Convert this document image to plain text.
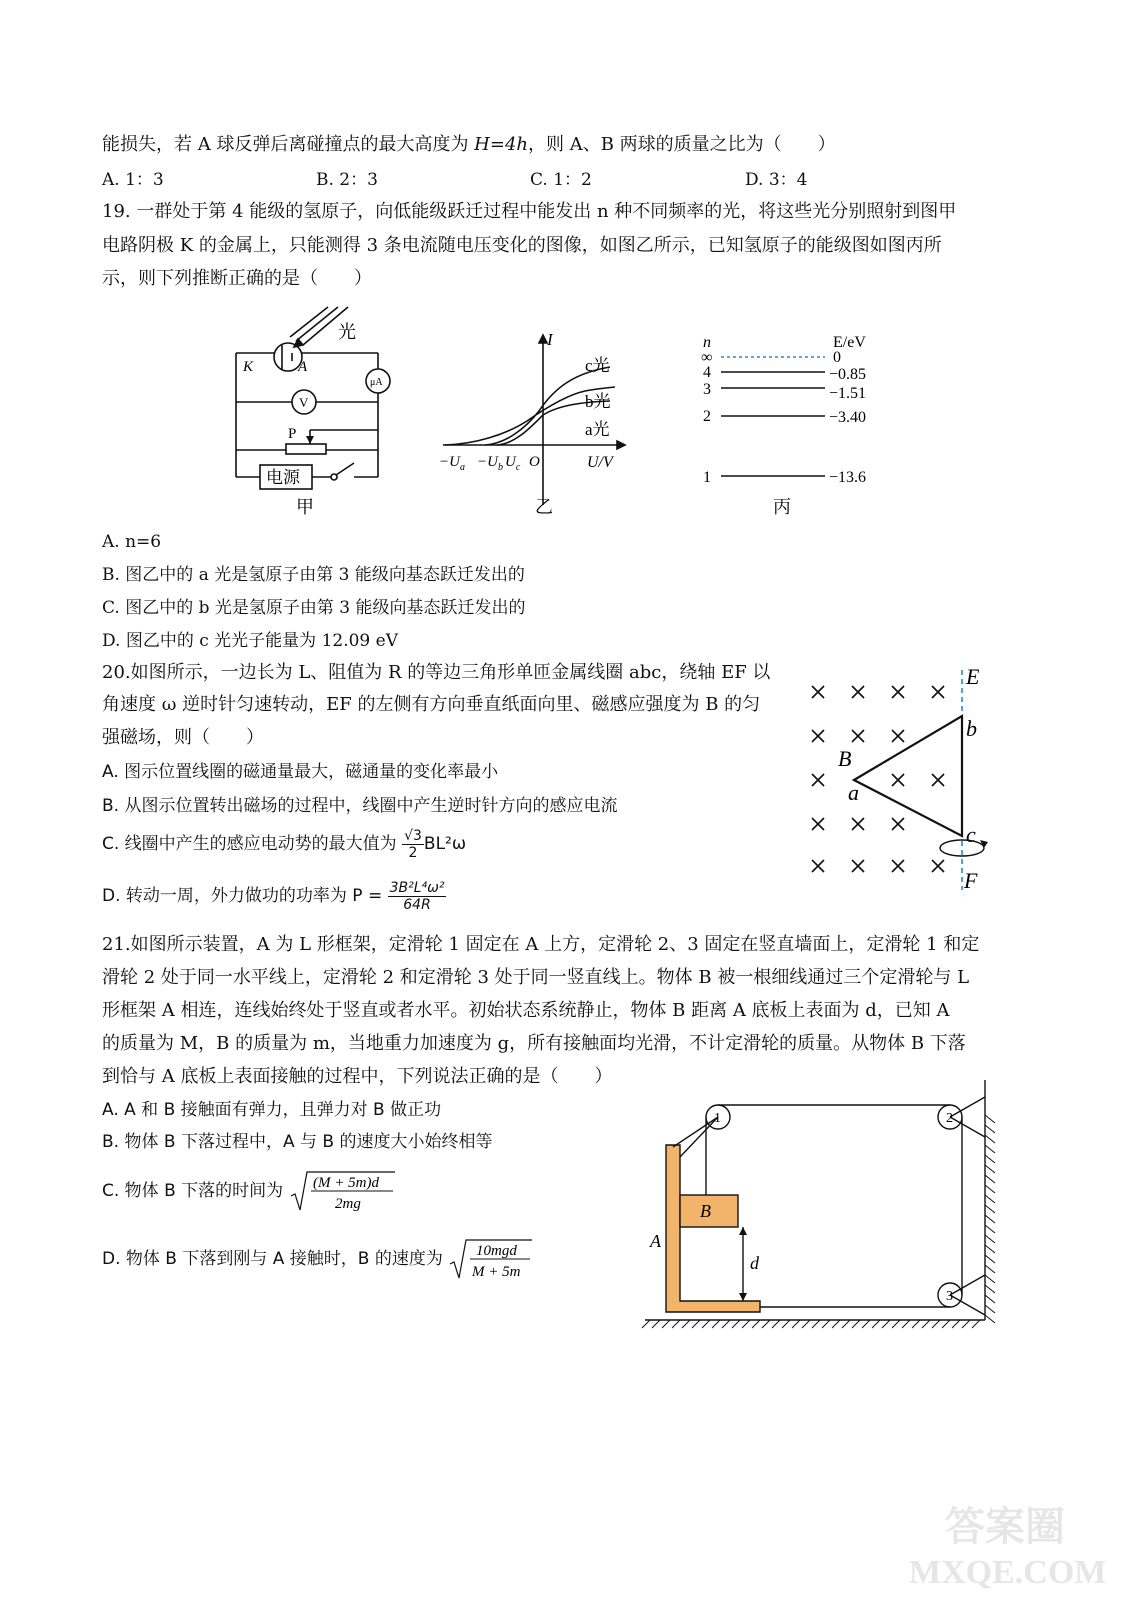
能损失，若 A 球反弹后离碰撞点的最大高度为 H=4h，则 A、B 两球的质量之比为（　　）
A. 1：3	B. 2：3	C. 1：2	D. 3：4
19. 一群处于第 4 能级的氢原子，向低能级跃迁过程中能发出 n 种不同频率的光，将这些光分别照射到图甲
电路阴极 K 的金属上，只能测得 3 条电流随电压变化的图像，如图乙所示，已知氢原子的能级图如图丙所
示，则下列推断正确的是（　　）
光
K	A
μA
V
P
电源
甲
I
c光
b光
a光
$-U_a -U_b$ $U_c$ O	U/V
乙
n	E/eV
∞	0
4	−0.85
3	−1.51
2	−3.40
1	−13.6
丙
A. n=6
B. 图乙中的 a 光是氢原子由第 3 能级向基态跃迁发出的
C. 图乙中的 b 光是氢原子由第 3 能级向基态跃迁发出的
D. 图乙中的 c 光光子能量为 12.09 eV
20.如图所示，一边长为 L、阻值为 R 的等边三角形单匝金属线圈 abc，绕轴 EF 以
角速度 ω 逆时针匀速转动，EF 的左侧有方向垂直纸面向里、磁感应强度为 B 的匀
强磁场，则（　　）
A. 图示位置线圈的磁通量最大，磁通量的变化率最小
B. 从图示位置转出磁场的过程中，线圈中产生逆时针方向的感应电流
C. 线圈中产生的感应电动势的最大值为 $\frac{√3}{2} BL^2\omega$
D. 转动一周，外力做功的功率为 $P = \frac{\text{3B²L⁴ω²}}{64R}$
E
F
b
c
B
a
21.如图所示装置，A 为 L 形框架，定滑轮 1 固定在 A 上方，定滑轮 2、3 固定在竖直墙面上，定滑轮 1 和定
滑轮 2 处于同一水平线上，定滑轮 2 和定滑轮 3 处于同一竖直线上。物体 B 被一根细线通过三个定滑轮与 L
形框架 A 相连，连线始终处于竖直或者水平。初始状态系统静止，物体 B 距离 A 底板上表面为 d，已知 A
的质量为 M，B 的质量为 m，当地重力加速度为 g，所有接触面均光滑，不计定滑轮的质量。从物体 B 下落
到恰与 A 底板上表面接触的过程中，下列说法正确的是（　　）
A. A 和 B 接触面有弹力，且弹力对 B 做正功
B. 物体 B 下落过程中，A 与 B 的速度大小始终相等
C. 物体 B 下落的时间为 (M + 5m)d
2mg
D. 物体 B 下落到刚与 A 接触时，B 的速度为 10mgd
M + 5m
1	2
3
A
B
d
答案圈
MXQE.COM
